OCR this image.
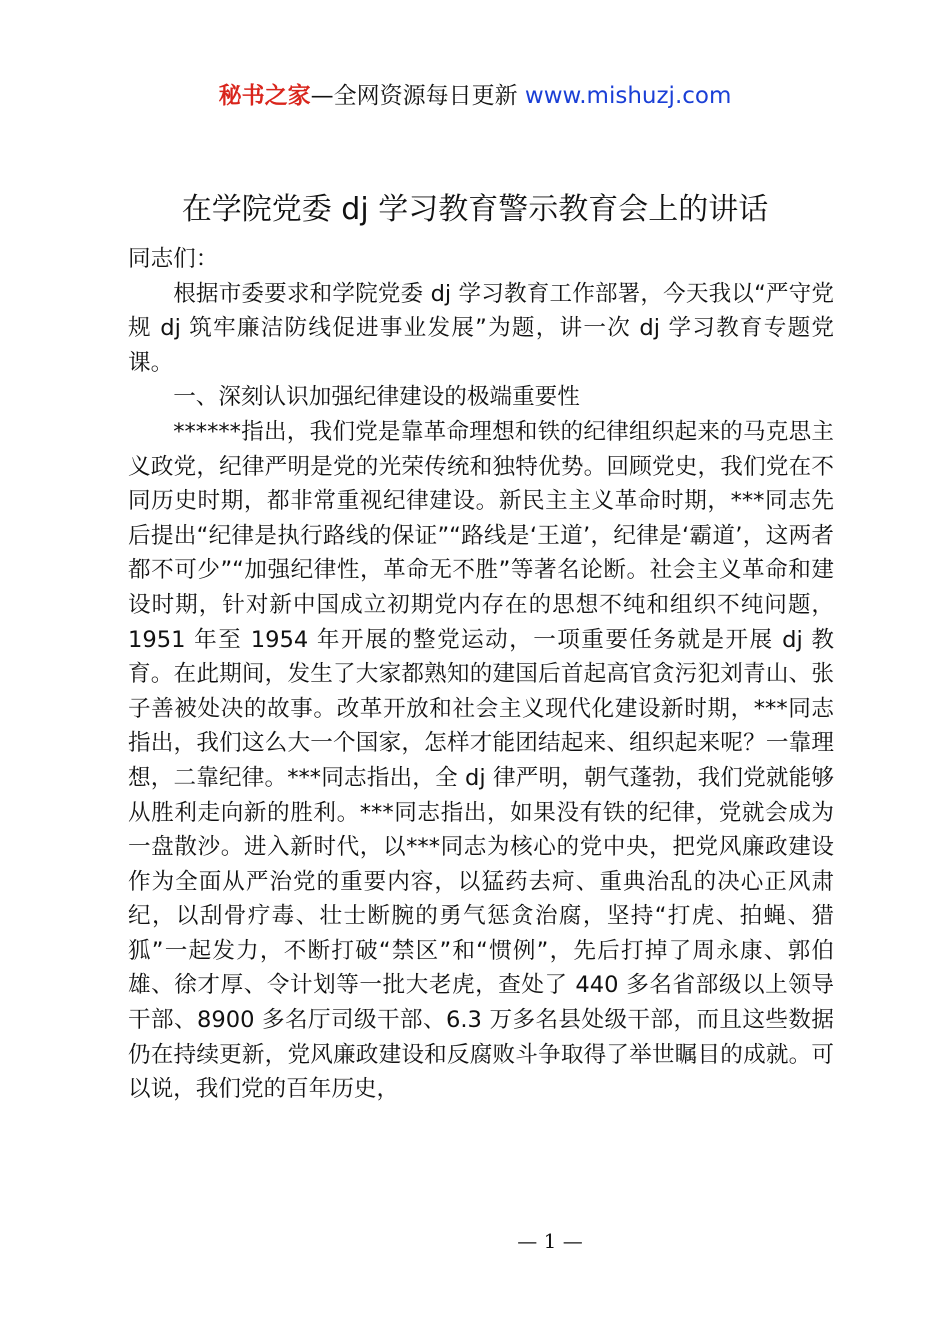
秘书之家—全网资源每日更新 www.mishuzj.com
在学院党委 dj 学习教育警示教育会上的讲话

同志们：

根据市委要求和学院党委 dj 学习教育工作部署，今天我以“严守党规 dj 筑牢廉洁防线促进事业发展”为题，讲一次 dj 学习教育专题党课。

一、深刻认识加强纪律建设的极端重要性

******指出，我们党是靠革命理想和铁的纪律组织起来的马克思主义政党，纪律严明是党的光荣传统和独特优势。回顾党史，我们党在不同历史时期，都非常重视纪律建设。新民主主义革命时期，***同志先后提出“纪律是执行路线的保证”“路线是‘王道’，纪律是‘霸道’，这两者都不可少”“加强纪律性，革命无不胜”等著名论断。社会主义革命和建设时期，针对新中国成立初期党内存在的思想不纯和组织不纯问题，1951 年至 1954 年开展的整党运动，一项重要任务就是开展 dj 教育。在此期间，发生了大家都熟知的建国后首起高官贪污犯刘青山、张子善被处决的故事。改革开放和社会主义现代化建设新时期，***同志指出，我们这么大一个国家，怎样才能团结起来、组织起来呢？一靠理想，二靠纪律。***同志指出，全 dj 律严明，朝气蓬勃，我们党就能够从胜利走向新的胜利。***同志指出，如果没有铁的纪律，党就会成为一盘散沙。进入新时代，以***同志为核心的党中央，把党风廉政建设作为全面从严治党的重要内容，以猛药去疴、重典治乱的决心正风肃纪，以刮骨疗毒、壮士断腕的勇气惩贪治腐，坚持“打虎、拍蝇、猎狐”一起发力，不断打破“禁区”和“惯例”，先后打掉了周永康、郭伯雄、徐才厚、令计划等一批大老虎，查处了 440 多名省部级以上领导干部、8900 多名厅司级干部、6.3 万多名县处级干部，而且这些数据仍在持续更新，党风廉政建设和反腐败斗争取得了举世瞩目的成就。可以说，我们党的百年历史，

— 1 —
